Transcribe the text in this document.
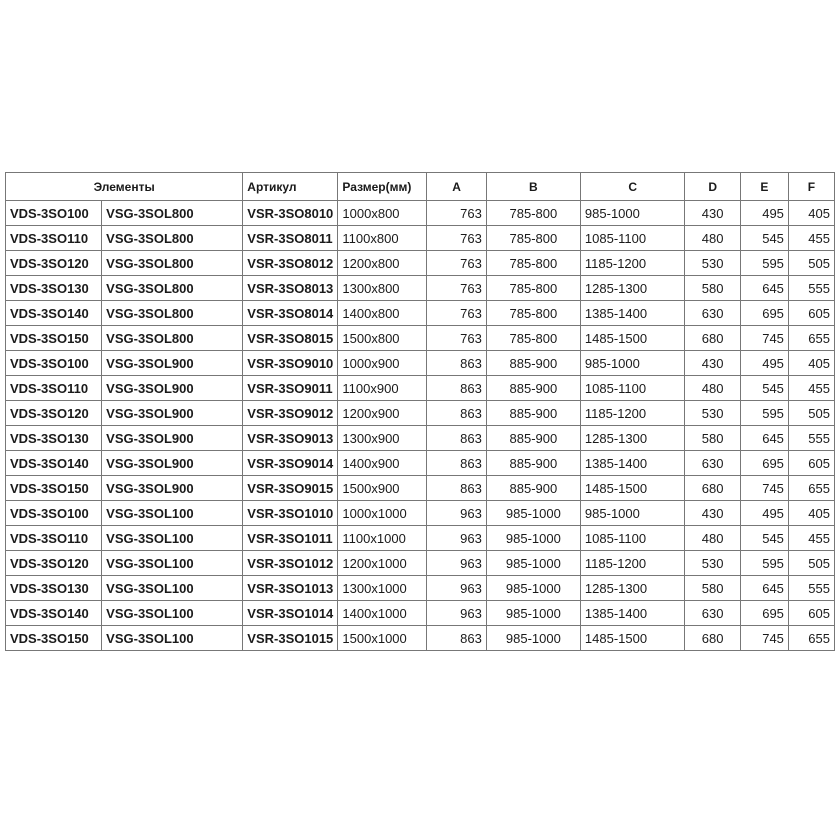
Элементы		Артикул	Размер(мм)	A	B	C	D	E	F
VDS-3SO100	VSG-3SOL800	VSR-3SO8010	1000x800	763	785-800	985-1000	430	495	405
VDS-3SO110	VSG-3SOL800	VSR-3SO8011	1100x800	763	785-800	1085-1100	480	545	455
VDS-3SO120	VSG-3SOL800	VSR-3SO8012	1200x800	763	785-800	1185-1200	530	595	505
VDS-3SO130	VSG-3SOL800	VSR-3SO8013	1300x800	763	785-800	1285-1300	580	645	555
VDS-3SO140	VSG-3SOL800	VSR-3SO8014	1400x800	763	785-800	1385-1400	630	695	605
VDS-3SO150	VSG-3SOL800	VSR-3SO8015	1500x800	763	785-800	1485-1500	680	745	655
VDS-3SO100	VSG-3SOL900	VSR-3SO9010	1000x900	863	885-900	985-1000	430	495	405
VDS-3SO110	VSG-3SOL900	VSR-3SO9011	1100x900	863	885-900	1085-1100	480	545	455
VDS-3SO120	VSG-3SOL900	VSR-3SO9012	1200x900	863	885-900	1185-1200	530	595	505
VDS-3SO130	VSG-3SOL900	VSR-3SO9013	1300x900	863	885-900	1285-1300	580	645	555
VDS-3SO140	VSG-3SOL900	VSR-3SO9014	1400x900	863	885-900	1385-1400	630	695	605
VDS-3SO150	VSG-3SOL900	VSR-3SO9015	1500x900	863	885-900	1485-1500	680	745	655
VDS-3SO100	VSG-3SOL100	VSR-3SO1010	1000x1000	963	985-1000	985-1000	430	495	405
VDS-3SO110	VSG-3SOL100	VSR-3SO1011	1100x1000	963	985-1000	1085-1100	480	545	455
VDS-3SO120	VSG-3SOL100	VSR-3SO1012	1200x1000	963	985-1000	1185-1200	530	595	505
VDS-3SO130	VSG-3SOL100	VSR-3SO1013	1300x1000	963	985-1000	1285-1300	580	645	555
VDS-3SO140	VSG-3SOL100	VSR-3SO1014	1400x1000	963	985-1000	1385-1400	630	695	605
VDS-3SO150	VSG-3SOL100	VSR-3SO1015	1500x1000	863	985-1000	1485-1500	680	745	655
